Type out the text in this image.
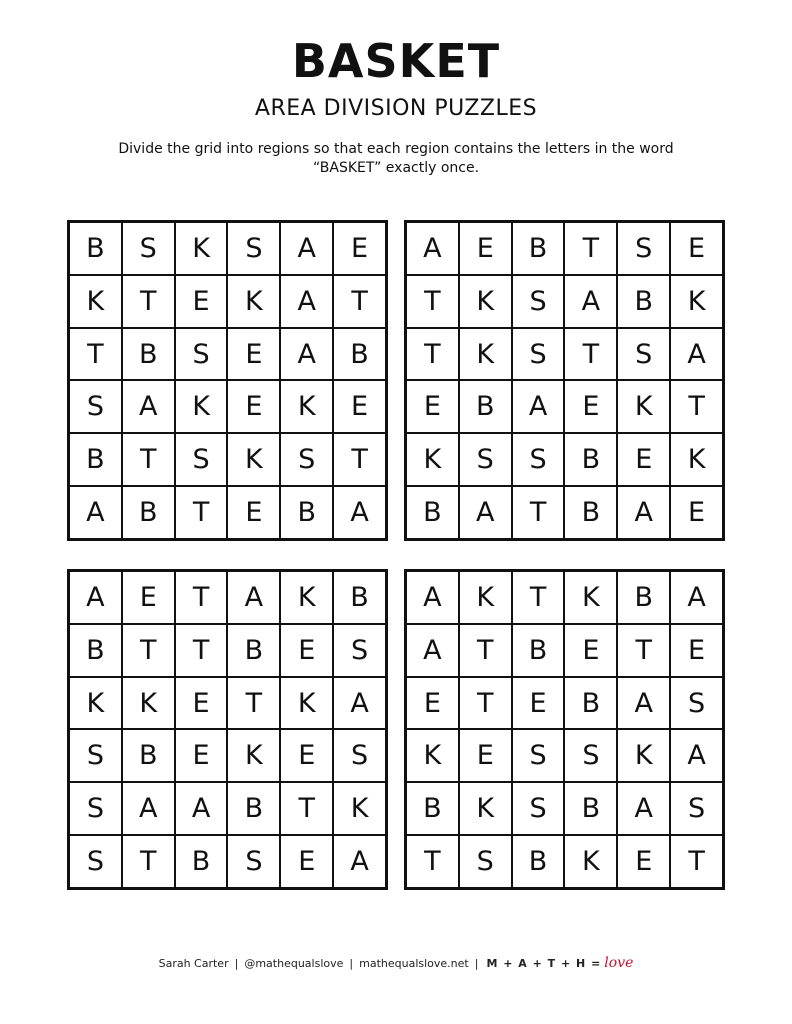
BASKET
AREA DIVISION PUZZLES
Divide the grid into regions so that each region contains the letters in the word “BASKET” exactly once.
B	S	K	S	A	E
K	T	E	K	A	T
T	B	S	E	A	B
S	A	K	E	K	E
B	T	S	K	S	T
A	B	T	E	B	A
A	E	B	T	S	E
T	K	S	A	B	K
T	K	S	T	S	A
E	B	A	E	K	T
K	S	S	B	E	K
B	A	T	B	A	E
A	E	T	A	K	B
B	T	T	B	E	S
K	K	E	T	K	A
S	B	E	K	E	S
S	A	A	B	T	K
S	T	B	S	E	A
A	K	T	K	B	A
A	T	B	E	T	E
E	T	E	B	A	S
K	E	S	S	K	A
B	K	S	B	A	S
T	S	B	K	E	T
Sarah Carter | @mathequalslove | mathequalslove.net | M + A + T + H = love
